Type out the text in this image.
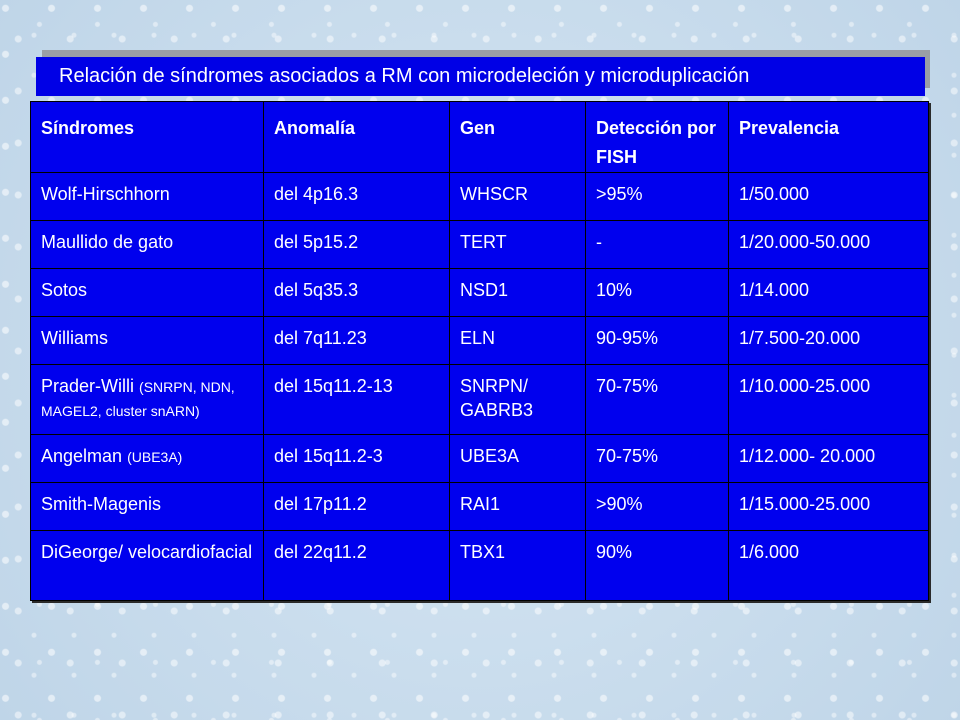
Relación de síndromes asociados a RM con microdeleción y microduplicación
Síndromes	Anomalía	Gen	Detección por FISH	Prevalencia
Wolf-Hirschhorn	del 4p16.3	WHSCR	>95%	1/50.000
Maullido de gato	del 5p15.2	TERT	-	1/20.000-50.000
Sotos	del 5q35.3	NSD1	10%	1/14.000
Williams	del 7q11.23	ELN	90-95%	1/7.500-20.000
Prader-Willi (SNRPN, NDN, MAGEL2, cluster snARN)	del 15q11.2-13	SNRPN/ GABRB3	70-75%	1/10.000-25.000
Angelman (UBE3A)	del 15q11.2-3	UBE3A	70-75%	1/12.000- 20.000
Smith-Magenis	del 17p11.2	RAI1	>90%	1/15.000-25.000
DiGeorge/ velocardiofacial	del 22q11.2	TBX1	90%	1/6.000
